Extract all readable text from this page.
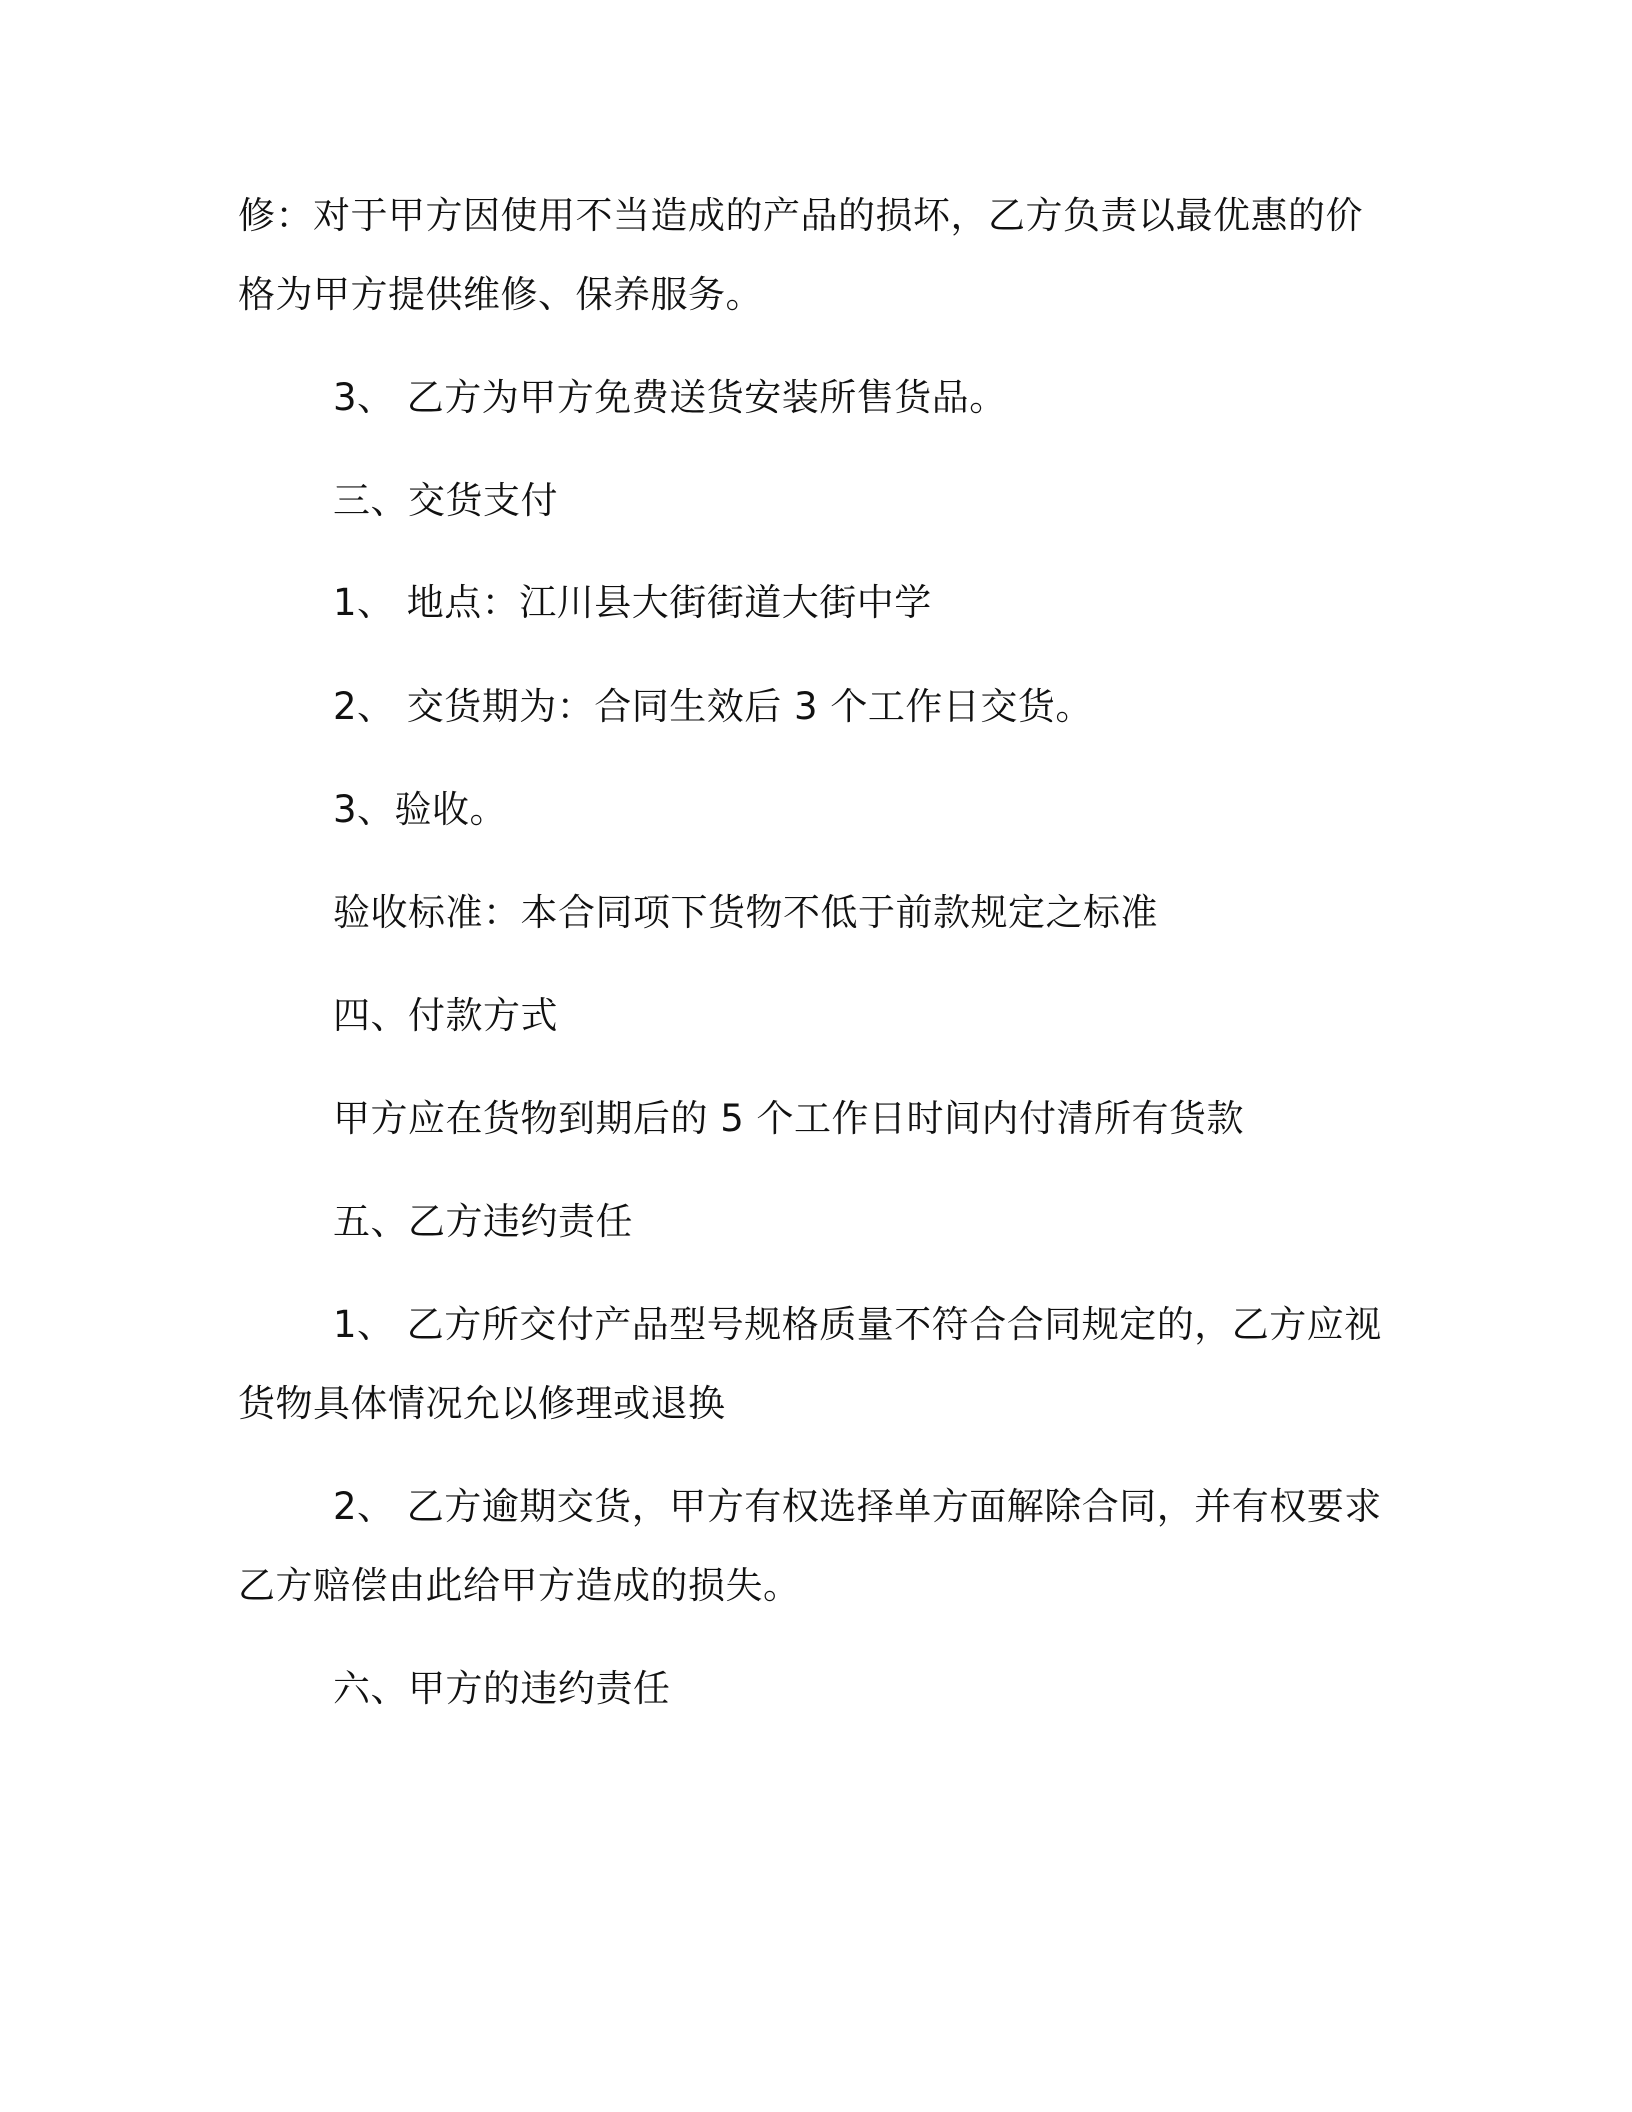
修：对于甲方因使用不当造成的产品的损坏，乙方负责以最优惠的价
格为甲方提供维修、保养服务。
3、 乙方为甲方免费送货安装所售货品。
三、交货支付
1、 地点：江川县大街街道大街中学
2、 交货期为：合同生效后 3 个工作日交货。
3、验收。
验收标准：本合同项下货物不低于前款规定之标准
四、付款方式
甲方应在货物到期后的 5 个工作日时间内付清所有货款
五、乙方违约责任
1、 乙方所交付产品型号规格质量不符合合同规定的，乙方应视
货物具体情况允以修理或退换
2、 乙方逾期交货，甲方有权选择单方面解除合同，并有权要求
乙方赔偿由此给甲方造成的损失。
六、甲方的违约责任
